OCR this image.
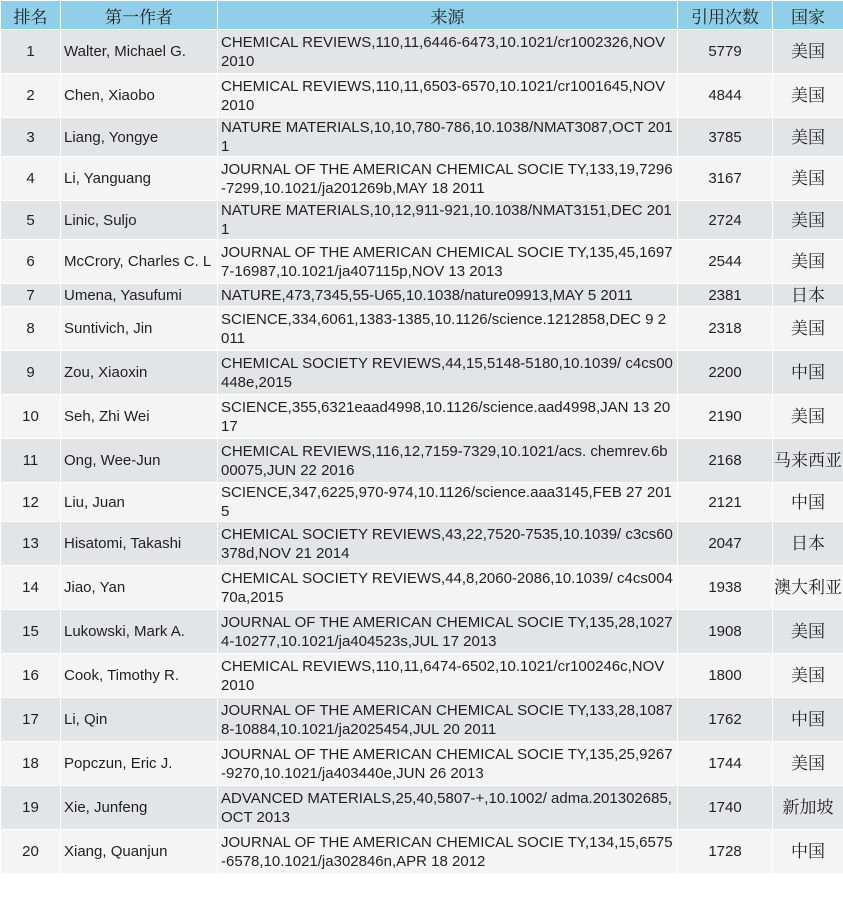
排名	第一作者	来源	引用次数	国家
1	Walter, Michael G.	CHEMICAL REVIEWS,110,11,6446-6473,10.1021/cr1002326,NOV 2010	5779	美国
2	Chen, Xiaobo	CHEMICAL REVIEWS,110,11,6503-6570,10.1021/cr1001645,NOV 2010	4844	美国
3	Liang, Yongye	NATURE MATERIALS,10,10,780-786,10.1038/NMAT3087,OCT 2011	3785	美国
4	Li, Yanguang	JOURNAL OF THE AMERICAN CHEMICAL SOCIE TY,133,19,7296-7299,10.1021/ja201269b,MAY 18 2011	3167	美国
5	Linic, Suljo	NATURE MATERIALS,10,12,911-921,10.1038/NMAT3151,DEC 2011	2724	美国
6	McCrory, Charles C. L	JOURNAL OF THE AMERICAN CHEMICAL SOCIE TY,135,45,16977-16987,10.1021/ja407115p,NOV 13 2013	2544	美国
7	Umena, Yasufumi	NATURE,473,7345,55-U65,10.1038/nature09913,MAY 5 2011	2381	日本
8	Suntivich, Jin	SCIENCE,334,6061,1383-1385,10.1126/science.1212858,DEC 9 2011	2318	美国
9	Zou, Xiaoxin	CHEMICAL SOCIETY REVIEWS,44,15,5148-5180,10.1039/ c4cs00448e,2015	2200	中国
10	Seh, Zhi Wei	SCIENCE,355,6321eaad4998,10.1126/science.aad4998,JAN 13 2017	2190	美国
11	Ong, Wee-Jun	CHEMICAL REVIEWS,116,12,7159-7329,10.1021/acs. chemrev.6b00075,JUN 22 2016	2168	马来西亚
12	Liu, Juan	SCIENCE,347,6225,970-974,10.1126/science.aaa3145,FEB 27 2015	2121	中国
13	Hisatomi, Takashi	CHEMICAL SOCIETY REVIEWS,43,22,7520-7535,10.1039/ c3cs60378d,NOV 21 2014	2047	日本
14	Jiao, Yan	CHEMICAL SOCIETY REVIEWS,44,8,2060-2086,10.1039/ c4cs00470a,2015	1938	澳大利亚
15	Lukowski, Mark A.	JOURNAL OF THE AMERICAN CHEMICAL SOCIE TY,135,28,10274-10277,10.1021/ja404523s,JUL 17 2013	1908	美国
16	Cook, Timothy R.	CHEMICAL REVIEWS,110,11,6474-6502,10.1021/cr100246c,NOV 2010	1800	美国
17	Li, Qin	JOURNAL OF THE AMERICAN CHEMICAL SOCIE TY,133,28,10878-10884,10.1021/ja2025454,JUL 20 2011	1762	中国
18	Popczun, Eric J.	JOURNAL OF THE AMERICAN CHEMICAL SOCIE TY,135,25,9267-9270,10.1021/ja403440e,JUN 26 2013	1744	美国
19	Xie, Junfeng	ADVANCED MATERIALS,25,40,5807-+,10.1002/ adma.201302685,OCT 2013	1740	新加坡
20	Xiang, Quanjun	JOURNAL OF THE AMERICAN CHEMICAL SOCIE TY,134,15,6575-6578,10.1021/ja302846n,APR 18 2012	1728	中国
